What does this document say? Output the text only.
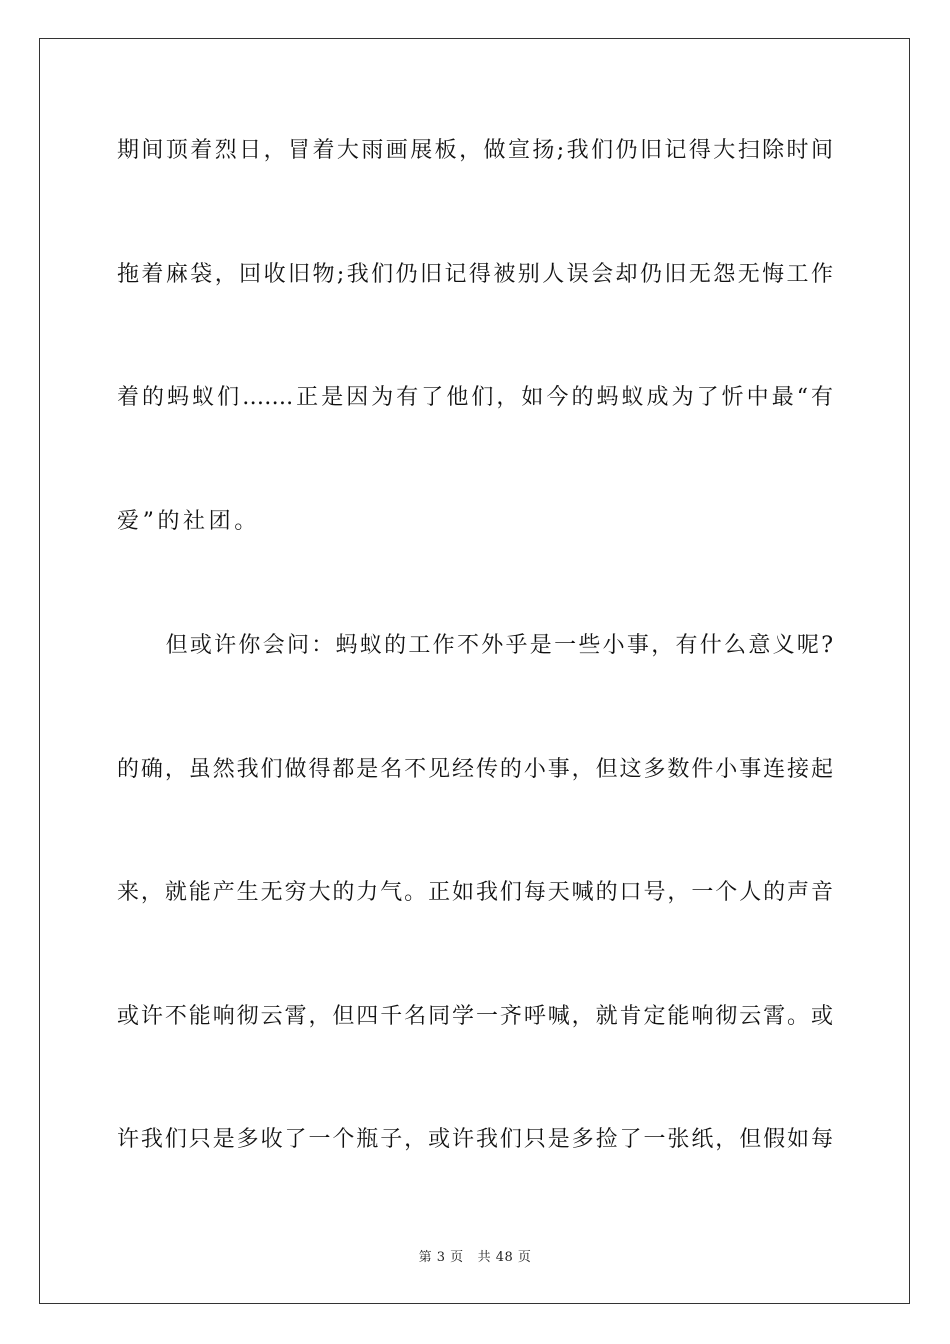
期间顶着烈日，冒着大雨画展板，做宣扬;我们仍旧记得大扫除时间
拖着麻袋，回收旧物;我们仍旧记得被别人误会却仍旧无怨无悔工作
着的蚂蚁们…….正是因为有了他们，如今的蚂蚁成为了忻中最“有
爱”的社团。
　　但或许你会问：蚂蚁的工作不外乎是一些小事，有什么意义呢?
的确，虽然我们做得都是名不见经传的小事，但这多数件小事连接起
来，就能产生无穷大的力气。正如我们每天喊的口号，一个人的声音
或许不能响彻云霄，但四千名同学一齐呼喊，就肯定能响彻云霄。或
许我们只是多收了一个瓶子，或许我们只是多捡了一张纸，但假如每
第 3 页 共 48 页
